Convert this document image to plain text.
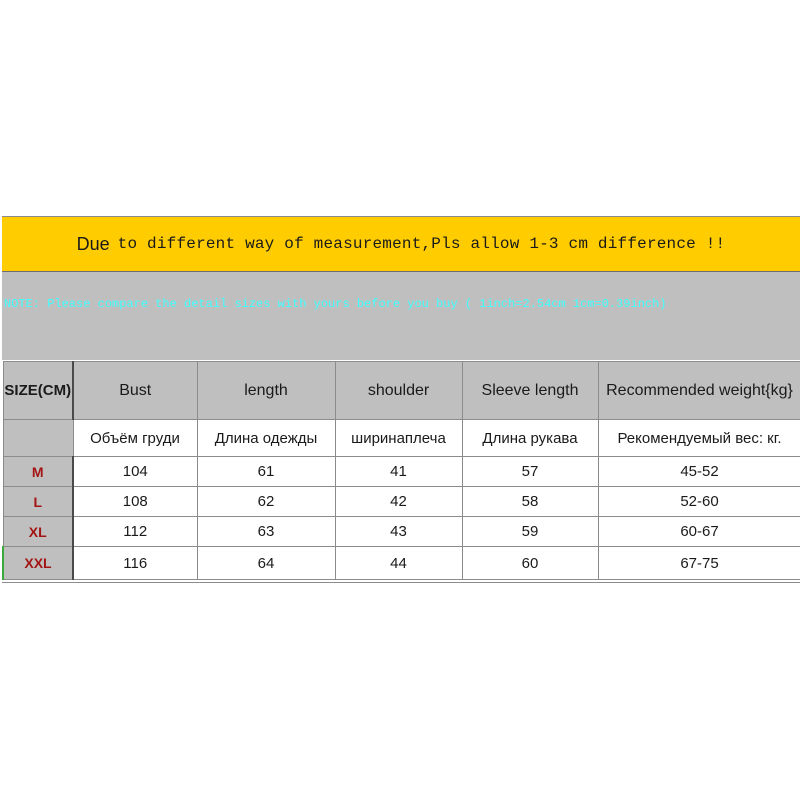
Due to different way of measurement,Pls allow 1-3 cm difference !!
NOTE: Please compare the detail sizes with yours before you buy ( 1inch=2.54cm 1cm=0.39inch)
SIZE(CM)	Bust	length	shoulder	Sleeve length	Recommended weight{kg}
	Объём груди	Длина одежды	ширинаплеча	Длина рукава	Рекомендуемый вес: кг.
M	104	61	41	57	45-52
L	108	62	42	58	52-60
XL	112	63	43	59	60-67
XXL	116	64	44	60	67-75
